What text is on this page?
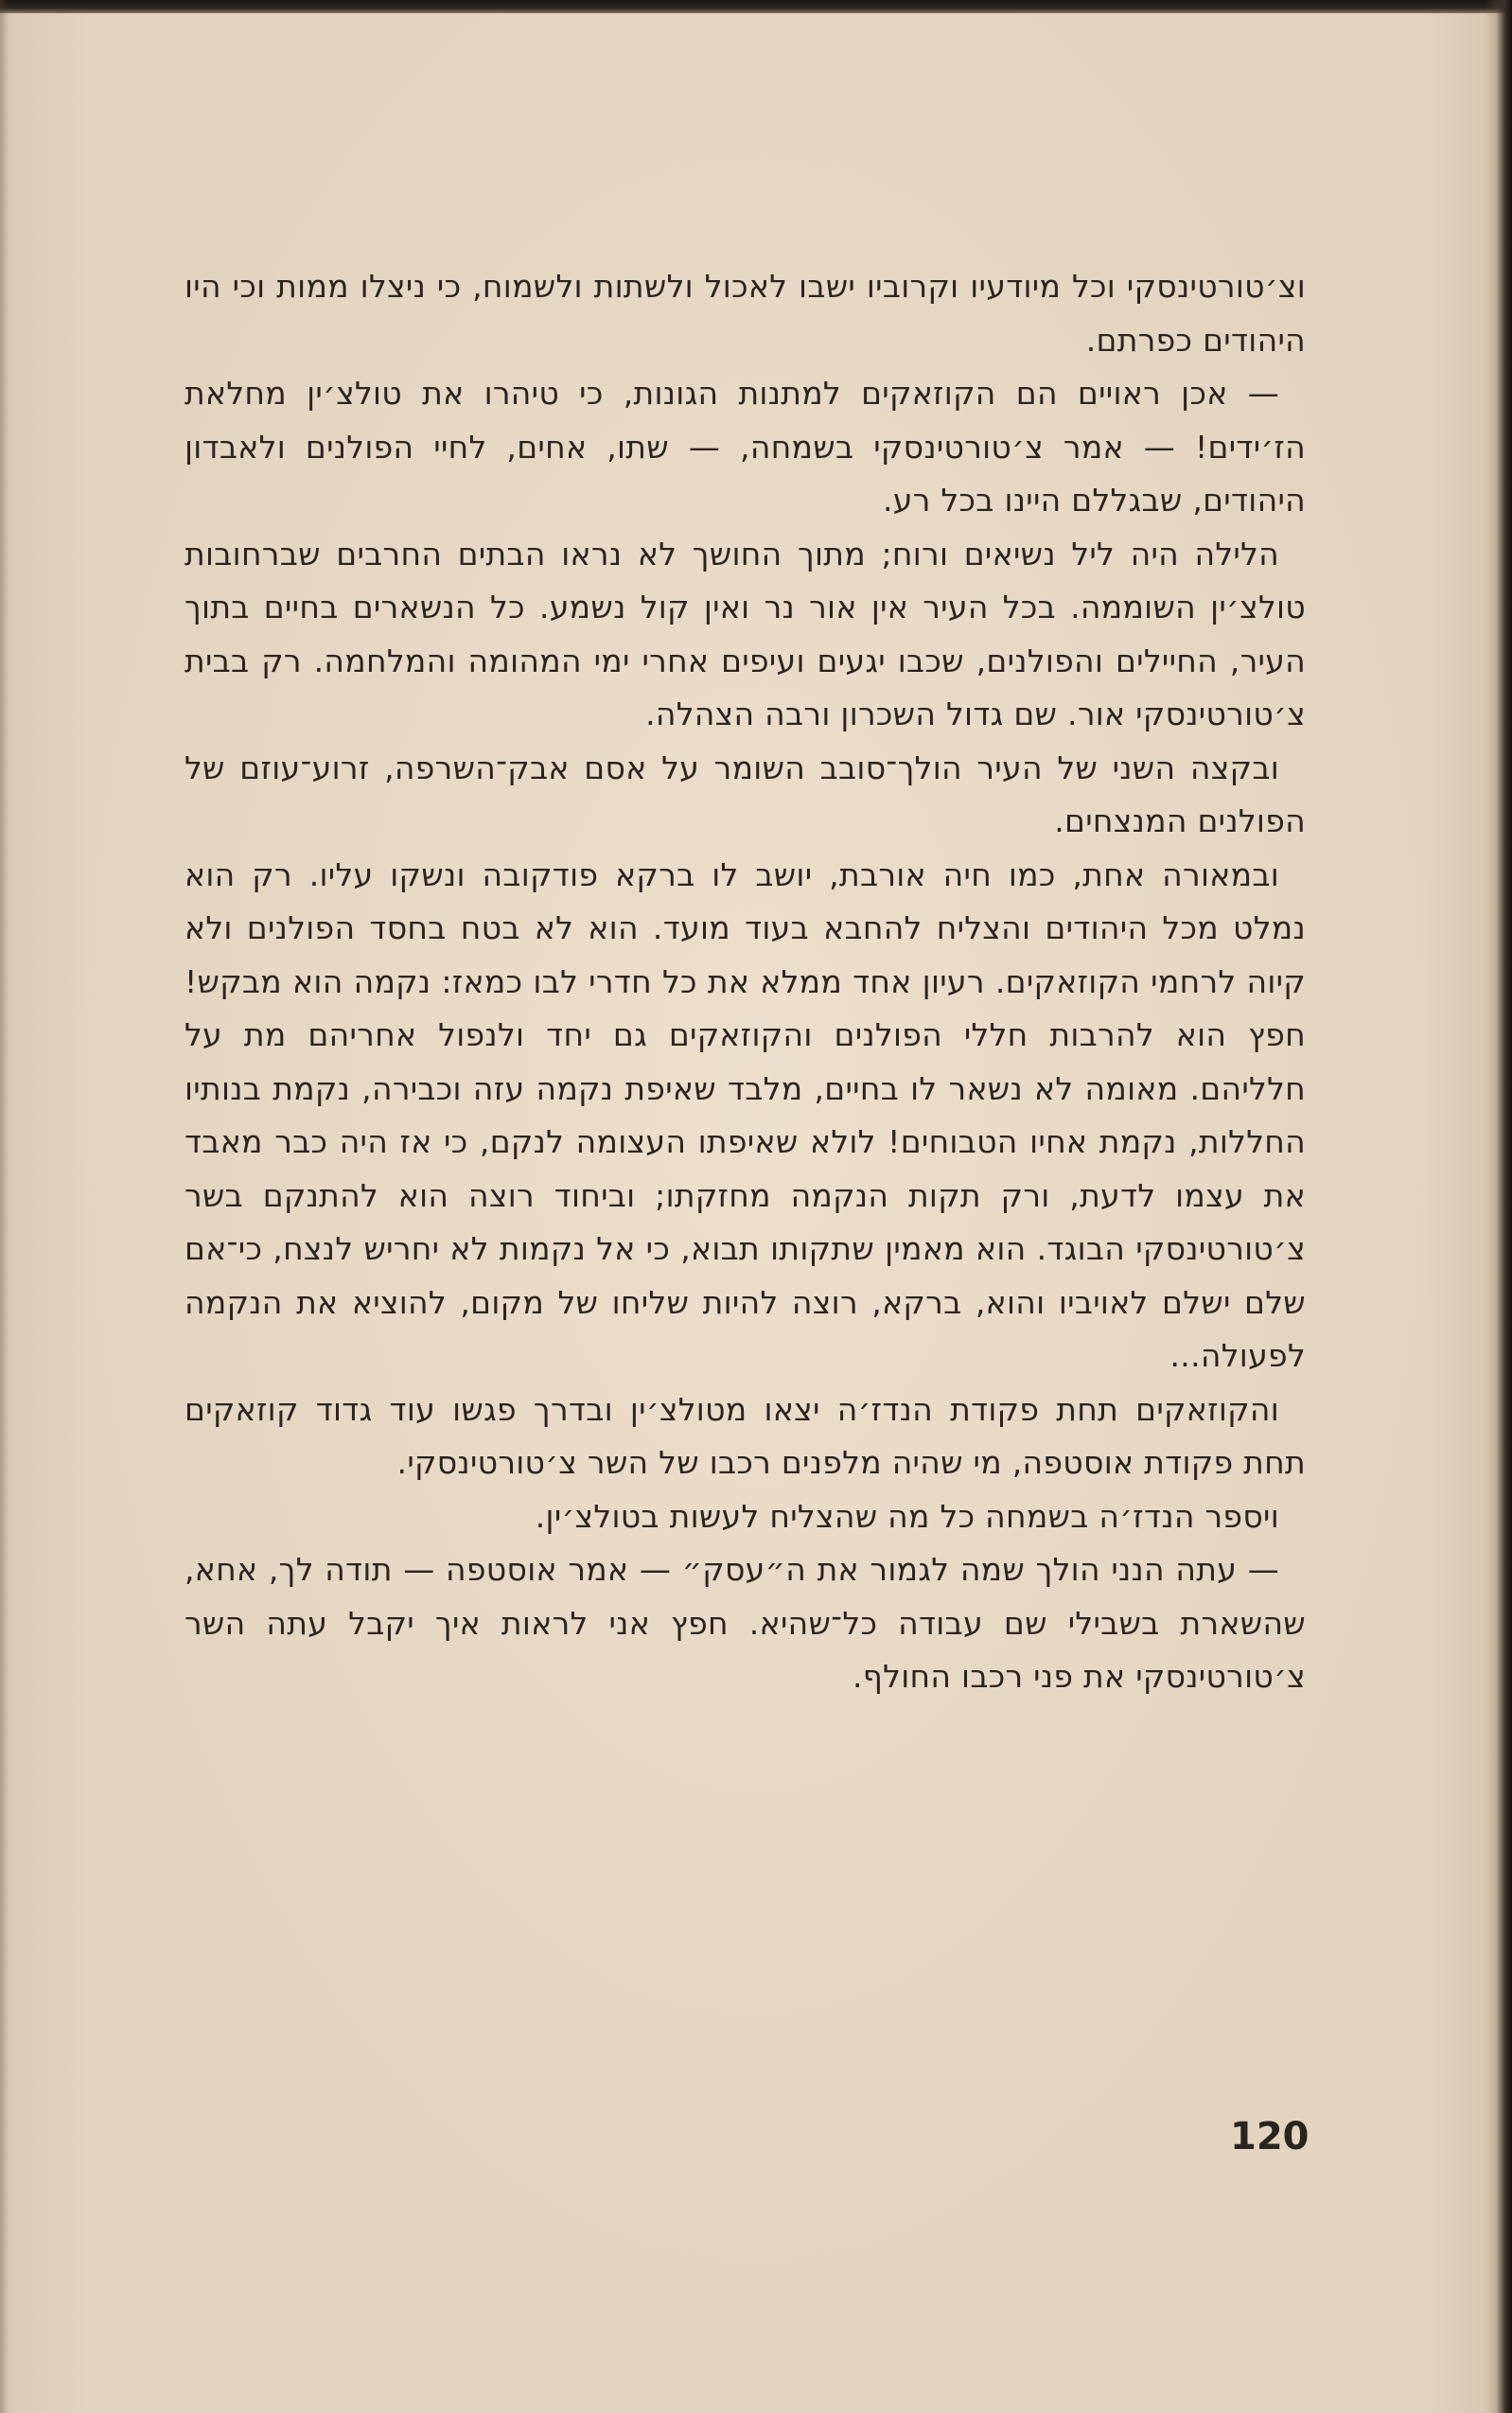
וצ׳טורטינסקי וכל מיודעיו וקרוביו ישבו לאכול ולשתות ולשמוח, כי ניצלו ממות וכי היו היהודים כפרתם.

— אכן ראויים הם הקוזאקים למתנות הגונות, כי טיהרו את טולצ׳ין מחלאת הז׳ידים! — אמר צ׳טורטינסקי בשמחה, — שתו, אחים, לחיי הפולנים ולאבדון היהודים, שבגללם היינו בכל רע.

הלילה היה ליל נשיאים ורוח; מתוך החושך לא נראו הבתים החרבים שברחובות טולצ׳ין השוממה. בכל העיר אין אור נר ואין קול נשמע. כל הנשארים בחיים בתוך העיר, החיילים והפולנים, שכבו יגעים ועיפים אחרי ימי המהומה והמלחמה. רק בבית צ׳טורטינסקי אור. שם גדול השכרון ורבה הצהלה.

ובקצה השני של העיר הולך־סובב השומר על אסם אבק־השרפה, זרוע־עוזם של הפולנים המנצחים.

ובמאורה אחת, כמו חיה אורבת, יושב לו ברקא פודקובה ונשקו עליו. רק הוא נמלט מכל היהודים והצליח להחבא בעוד מועד. הוא לא בטח בחסד הפולנים ולא קיוה לרחמי הקוזאקים. רעיון אחד ממלא את כל חדרי לבו כמאז: נקמה הוא מבקש! חפץ הוא להרבות חללי הפולנים והקוזאקים גם יחד ולנפול אחריהם מת על חלליהם. מאומה לא נשאר לו בחיים, מלבד שאיפת נקמה עזה וכבירה, נקמת בנותיו החללות, נקמת אחיו הטבוחים! לולא שאיפתו העצומה לנקם, כי אז היה כבר מאבד את עצמו לדעת, ורק תקות הנקמה מחזקתו; וביחוד רוצה הוא להתנקם בשר צ׳טורטינסקי הבוגד. הוא מאמין שתקותו תבוא, כי אל נקמות לא יחריש לנצח, כי־אם שלם ישלם לאויביו והוא, ברקא, רוצה להיות שליחו של מקום, להוציא את הנקמה לפעולה...

והקוזאקים תחת פקודת הנדז׳ה יצאו מטולצ׳ין ובדרך פגשו עוד גדוד קוזאקים תחת פקודת אוסטפה, מי שהיה מלפנים רכבו של השר צ׳טורטינסקי.

ויספר הנדז׳ה בשמחה כל מה שהצליח לעשות בטולצ׳ין.

— עתה הנני הולך שמה לגמור את ה״עסק״ — אמר אוסטפה — תודה לך, אחא, שהשארת בשבילי שם עבודה כל־שהיא. חפץ אני לראות איך יקבל עתה השר צ׳טורטינסקי את פני רכבו החולף.

120
